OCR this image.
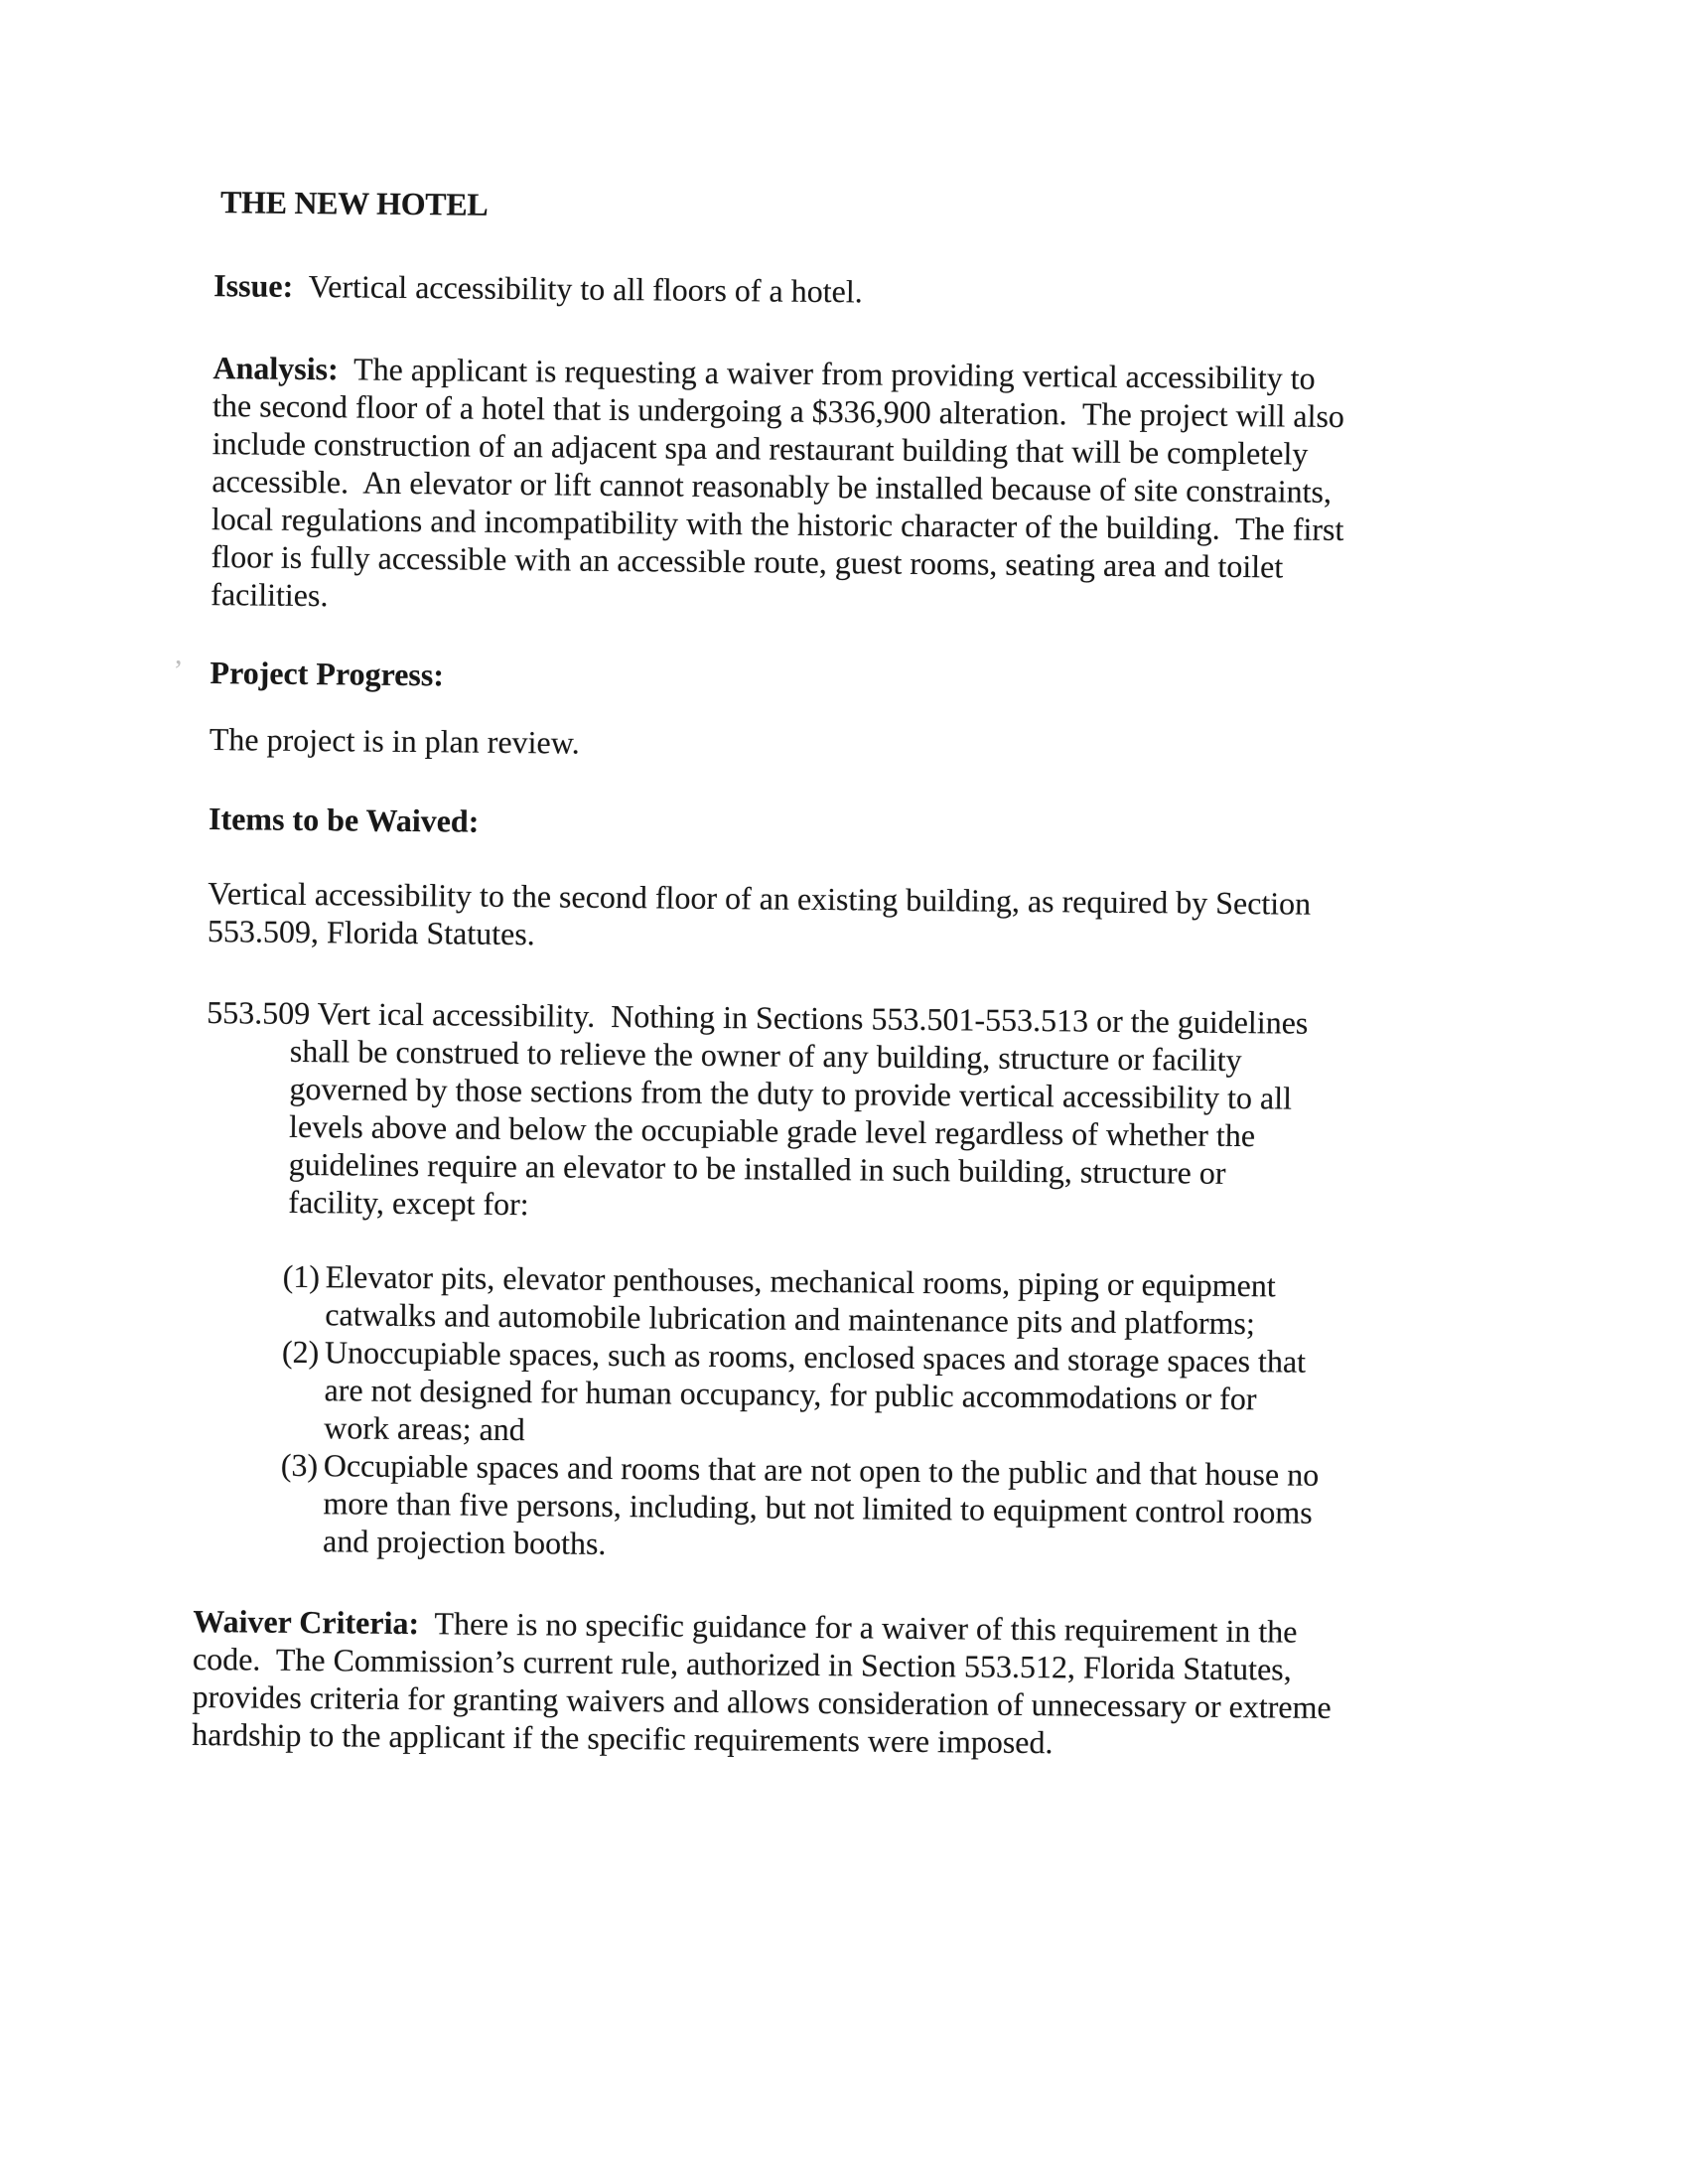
,
THE NEW HOTEL
Issue:  Vertical accessibility to all floors of a hotel.
Analysis:  The applicant is requesting a waiver from providing vertical accessibility to
the second floor of a hotel that is undergoing a $336,900 alteration.  The project will also
include construction of an adjacent spa and restaurant building that will be completely
accessible.  An elevator or lift cannot reasonably be installed because of site constraints,
local regulations and incompatibility with the historic character of the building.  The first
floor is fully accessible with an accessible route, guest rooms, seating area and toilet
facilities.
Project Progress:
The project is in plan review.
Items to be Waived:
Vertical accessibility to the second floor of an existing building, as required by Section
553.509, Florida Statutes.
553.509 Vert ical accessibility.  Nothing in Sections 553.501-553.513 or the guidelines
shall be construed to relieve the owner of any building, structure or facility
governed by those sections from the duty to provide vertical accessibility to all
levels above and below the occupiable grade level regardless of whether the
guidelines require an elevator to be installed in such building, structure or
facility, except for:
(1) Elevator pits, elevator penthouses, mechanical rooms, piping or equipment
catwalks and automobile lubrication and maintenance pits and platforms;
(2) Unoccupiable spaces, such as rooms, enclosed spaces and storage spaces that
are not designed for human occupancy, for public accommodations or for
work areas; and
(3) Occupiable spaces and rooms that are not open to the public and that house no
more than five persons, including, but not limited to equipment control rooms
and projection booths.
Waiver Criteria:  There is no specific guidance for a waiver of this requirement in the
code.  The Commission’s current rule, authorized in Section 553.512, Florida Statutes,
provides criteria for granting waivers and allows consideration of unnecessary or extreme
hardship to the applicant if the specific requirements were imposed.
